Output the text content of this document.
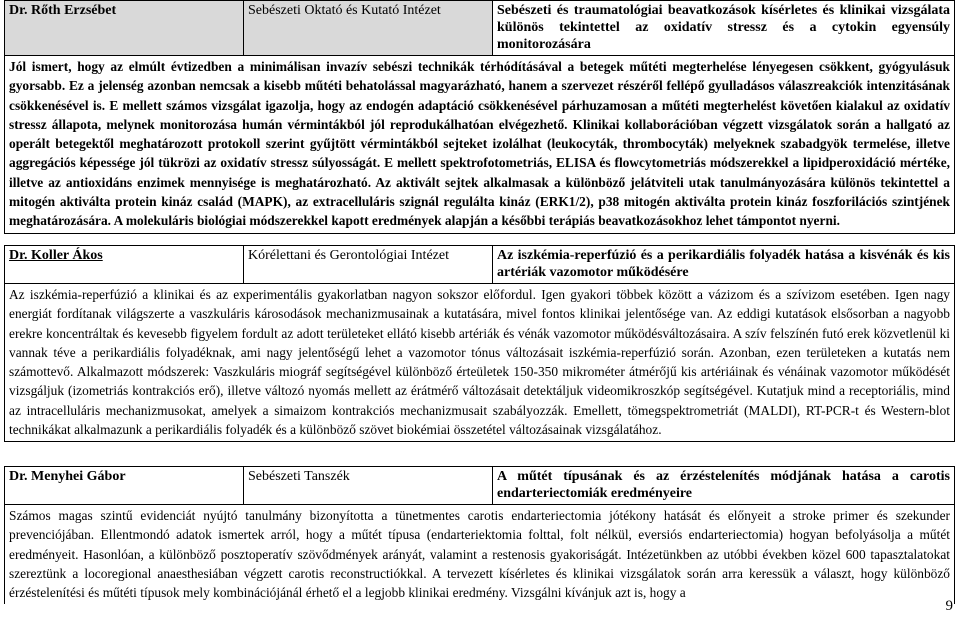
Dr. Rőth Erzsébet	Sebészeti Oktató és Kutató Intézet	Sebészeti és traumatológiai beavatkozások kísérletes és klinikai vizsgálata különös tekintettel az oxidatív stressz és a cytokin egyensúly monitorozására
Jól ismert, hogy az elmúlt évtizedben a minimálisan invazív sebészi technikák térhódításával a betegek műtéti megterhelése lényegesen csökkent, gyógyulásuk gyorsabb. Ez a jelenség azonban nemcsak a kisebb műtéti behatolással magyarázható, hanem a szervezet részéről fellépő gyulladásos válaszreakciók intenzitásának csökkenésével is. E mellett számos vizsgálat igazolja, hogy az endogén adaptáció csökkenésével párhuzamosan a műtéti megterhelést követően kialakul az oxidatív stressz állapota, melynek monitorozása humán vérmintákból jól reprodukálhatóan elvégezhető. Klinikai kollaborációban végzett vizsgálatok során a hallgató az operált betegektől meghatározott protokoll szerint gyűjtött vérmintákból sejteket izolálhat (leukocyták, thrombocyták) melyeknek szabadgyök termelése, illetve aggregációs képessége jól tükrözi az oxidatív stressz súlyosságát. E mellett spektrofotometriás, ELISA és flowcytometriás módszerekkel a lipidperoxidáció mértéke, illetve az antioxidáns enzimek mennyisége is meghatározható. Az aktivált sejtek alkalmasak a különböző jelátviteli utak tanulmányozására különös tekintettel a mitogén aktiválta protein kináz család (MAPK), az extracelluláris szignál regulálta kináz (ERK1/2), p38 mitogén aktiválta protein kináz foszforilációs szintjének meghatározására. A molekuláris biológiai módszerekkel kapott eredmények alapján a későbbi terápiás beavatkozásokhoz lehet támpontot nyerni.
Dr. Koller Ákos	Kórélettani és Gerontológiai Intézet	Az iszkémia-reperfúzió és a perikardiális folyadék hatása a kisvénák és kis artériák vazomotor működésére
Az iszkémia-reperfúzió a klinikai és az experimentális gyakorlatban nagyon sokszor előfordul. Igen gyakori többek között a vázizom és a szívizom esetében. Igen nagy energiát fordítanak világszerte a vaszkuláris károsodások mechanizmusainak a kutatására, mivel fontos klinikai jelentősége van. Az eddigi kutatások elsősorban a nagyobb erekre koncentráltak és kevesebb figyelem fordult az adott területeket ellátó kisebb artériák és vénák vazomotor működésváltozásaira. A szív felszínén futó erek közvetlenül ki vannak téve a perikardiális folyadéknak, ami nagy jelentőségű lehet a vazomotor tónus változásait iszkémia-reperfúzió során. Azonban, ezen területeken a kutatás nem számottevő. Alkalmazott módszerek: Vaszkuláris miográf segítségével különböző érteületek 150-350 mikrométer átmérőjű kis artériáinak és vénáinak vazomotor működését vizsgáljuk (izometriás kontrakciós erő), illetve változó nyomás mellett az érátmérő változásait detektáljuk videomikroszkóp segítségével. Kutatjuk mind a receptoriális, mind az intracelluláris mechanizmusokat, amelyek a simaizom kontrakciós mechanizmusait szabályozzák. Emellett, tömegspektrometriát (MALDI), RT-PCR-t és Western-blot technikákat alkalmazunk a perikardiális folyadék és a különböző szövet biokémiai összetétel változásainak vizsgálatához.
Dr. Menyhei Gábor	Sebészeti Tanszék	A műtét típusának és az érzéstelenítés módjának hatása a carotis endarteriectomiák eredményeire
Számos magas szintű evidenciát nyújtó tanulmány bizonyította a tünetmentes carotis endarteriectomia jótékony hatását és előnyeit a stroke primer és szekunder prevenciójában. Ellentmondó adatok ismertek arról, hogy a műtét típusa (endarteriektomia folttal, folt nélkül, eversiós endarteriectomia) hogyan befolyásolja a műtét eredményeit. Hasonlóan, a különböző posztoperatív szövődmények arányát, valamint a restenosis gyakoriságát. Intézetünkben az utóbbi években közel 600 tapasztalatokat szereztünk a locoregional anaesthesiában végzett carotis reconstructiókkal. A tervezett kísérletes és klinikai vizsgálatok során arra keressük a választ, hogy különböző érzéstelenítési és műtéti típusok mely kombinációjánál érhető el a legjobb klinikai eredmény. Vizsgálni kívánjuk azt is, hogy a
9
